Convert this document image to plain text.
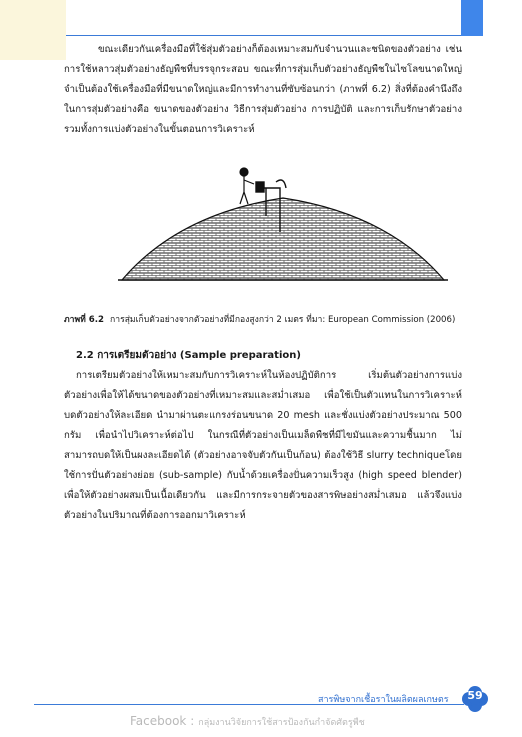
ขณะเดียวกันเครื่องมือที่ใช้สุ่มตัวอย่างก็ต้องเหมาะสมกับจำนวนและชนิดของตัวอย่าง เช่น การใช้หลาวสุ่มตัวอย่างธัญพืชที่บรรจุกระสอบ ขณะที่การสุ่มเก็บตัวอย่างธัญพืชในไซโลขนาดใหญ่จำเป็นต้องใช้เครื่องมือที่มีขนาดใหญ่และมีการทำงานที่ซับซ้อนกว่า (ภาพที่ 6.2) สิ่งที่ต้องคำนึงถึงในการสุ่มตัวอย่างคือ ขนาดของตัวอย่าง วิธีการสุ่มตัวอย่าง การปฏิบัติ และการเก็บรักษาตัวอย่าง รวมทั้งการแบ่งตัวอย่างในขั้นตอนการวิเคราะห์

ภาพที่ 6.2 การสุ่มเก็บตัวอย่างจากตัวอย่างที่มีกองสูงกว่า 2 เมตร ที่มา: European Commission (2006)

2.2 การเตรียมตัวอย่าง (Sample preparation)

การเตรียมตัวอย่างให้เหมาะสมกับการวิเคราะห์ในห้องปฏิบัติการ เริ่มต้นตัวอย่างการแบ่งตัวอย่างเพื่อให้ได้ขนาดของตัวอย่างที่เหมาะสมและสม่ำเสมอ เพื่อใช้เป็นตัวแทนในการวิเคราะห์ บดตัวอย่างให้ละเอียด นำมาผ่านตะแกรงร่อนขนาด 20 mesh และชั่งแบ่งตัวอย่างประมาณ 500 กรัม เพื่อนำไปวิเคราะห์ต่อไป ในกรณีที่ตัวอย่างเป็นเมล็ดพืชที่มีไขมันและความชื้นมาก ไม่สามารถบดให้เป็นผงละเอียดได้ (ตัวอย่างอาจจับตัวกันเป็นก้อน) ต้องใช้วิธี slurry techniqueโดยใช้การปั่นตัวอย่างย่อย (sub-sample) กับน้ำด้วยเครื่องปั่นความเร็วสูง (high speed blender) เพื่อให้ตัวอย่างผสมเป็นเนื้อเดียวกัน และมีการกระจายตัวของสารพิษอย่างสม่ำเสมอ แล้วจึงแบ่งตัวอย่างในปริมาณที่ต้องการออกมาวิเคราะห์

สารพิษจากเชื้อราในผลิตผลเกษตร	59
Facebook : กลุ่มงานวิจัยการใช้สารป้องกันกำจัดศัตรูพืช
